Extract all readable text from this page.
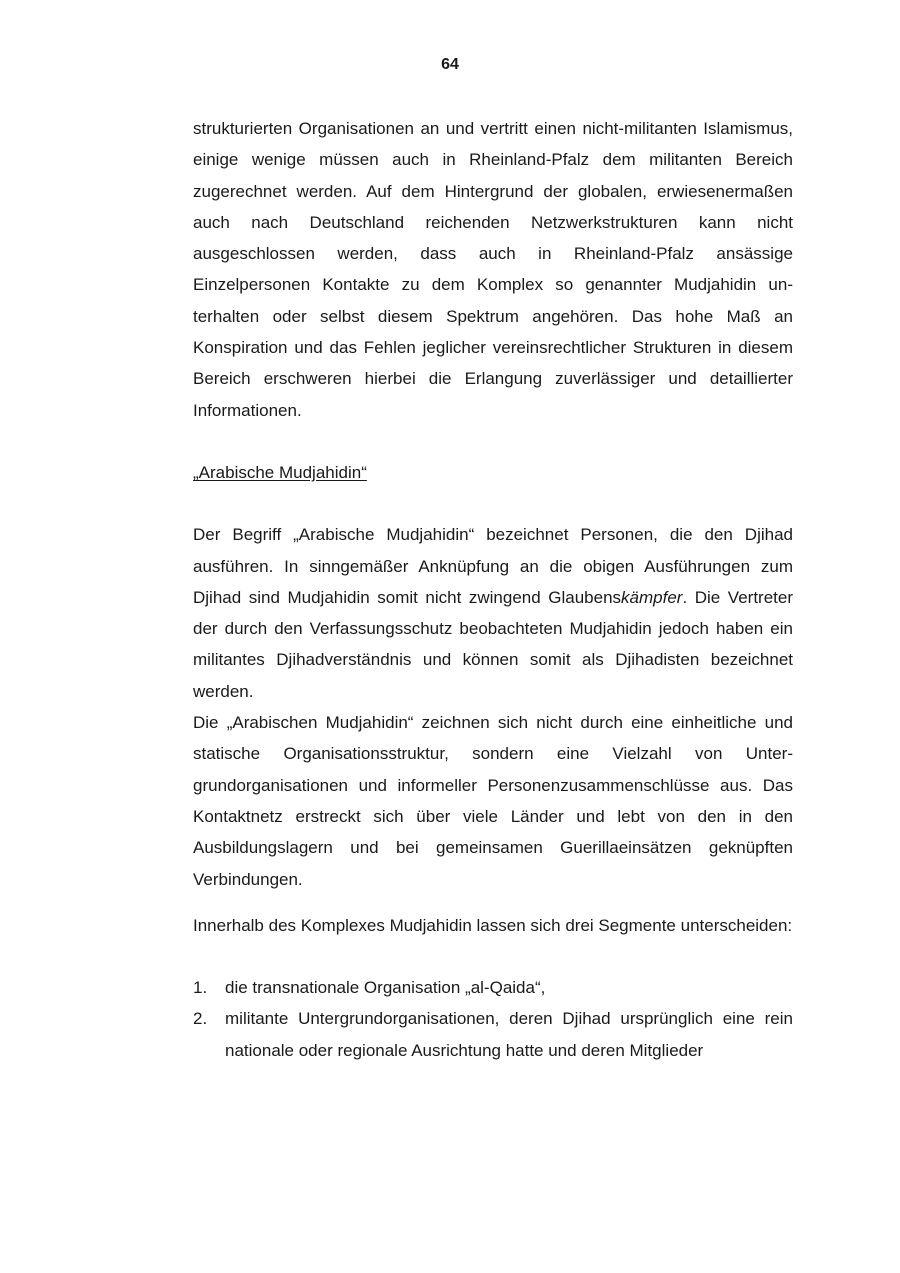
64

strukturierten Organisationen an und vertritt einen nicht-militanten Islamismus, einige wenige müssen auch in Rheinland-Pfalz dem militanten Bereich zugerechnet werden. Auf dem Hintergrund der globalen, erwiesenermaßen auch nach Deutschland reichenden Netzwerkstrukturen kann nicht ausgeschlossen werden, dass auch in Rheinland-Pfalz ansässige Einzelpersonen Kontakte zu dem Komplex so genannter Mudjahidin unterhalten oder selbst diesem Spektrum angehören. Das hohe Maß an Konspiration und das Fehlen jeglicher vereinsrechtlicher Strukturen in diesem Bereich erschweren hierbei die Erlangung zuverlässiger und detaillierter Informationen.

„Arabische Mudjahidin“

Der Begriff „Arabische Mudjahidin“ bezeichnet Personen, die den Djihad ausführen. In sinngemäßer Anknüpfung an die obigen Ausführungen zum Djihad sind Mudjahidin somit nicht zwingend Glaubenskämpfer. Die Vertreter der durch den Verfassungsschutz beobachteten Mudjahidin jedoch haben ein militantes Djihadverständnis und können somit als Djihadisten bezeichnet werden.

Die „Arabischen Mudjahidin“ zeichnen sich nicht durch eine einheitliche und statische Organisationsstruktur, sondern eine Vielzahl von Untergrundorganisationen und informeller Personenzusammenschlüsse aus. Das Kontaktnetz erstreckt sich über viele Länder und lebt von den in den Ausbildungslagern und bei gemeinsamen Guerillaeinsätzen geknüpften Verbindungen.

Innerhalb des Komplexes Mudjahidin lassen sich drei Segmente unterscheiden:

1.	die transnationale Organisation „al-Qaida“,
2.	militante Untergrundorganisationen, deren Djihad ursprünglich eine rein nationale oder regionale Ausrichtung hatte und deren Mitglieder
